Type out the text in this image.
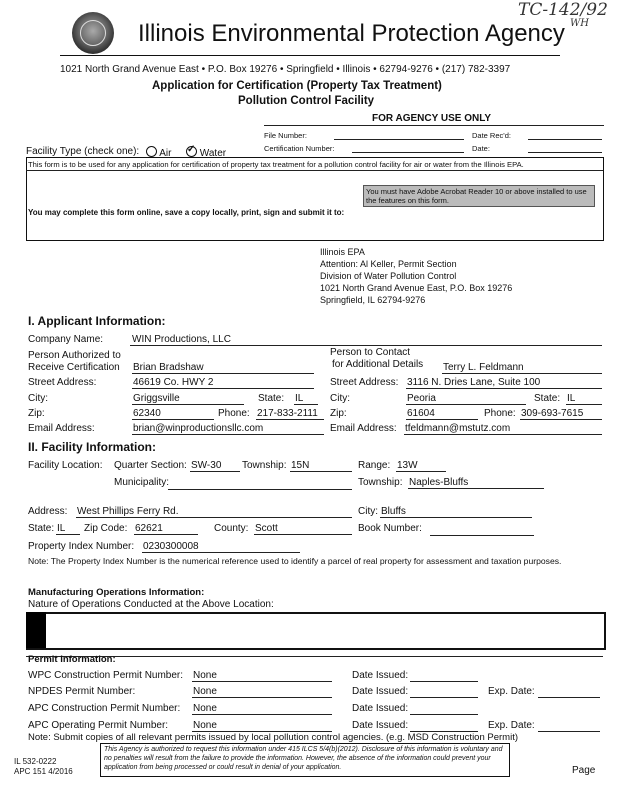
TC-142/92
WH
Illinois Environmental Protection Agency
1021 North Grand Avenue East • P.O. Box 19276 • Springfield • Illinois • 62794-9276 • (217) 782-3397
Application for Certification (Property Tax Treatment)
Pollution Control Facility
FOR AGENCY USE ONLY
File Number:	Date Rec'd:
Certification Number:	Date:
Facility Type (check one):	Air
✓	Water
This form is to be used for any application for certification of property tax treatment for a pollution control facility for air or water from the Illinois EPA.
You must have Adobe Acrobat Reader 10 or above installed to use the features on this form.
You may complete this form online, save a copy locally, print, sign and submit it to:
Illinois EPA
Attention: Al Keller, Permit Section
Division of Water Pollution Control
1021 North Grand Avenue East, P.O. Box 19276
Springfield, IL 62794-9276
I. Applicant Information:
Company Name:	WIN Productions, LLC
Person Authorized to
Receive Certification Brian Bradshaw
Person to Contact
for Additional Details Terry L. Feldmann
Street Address:	46619 Co. HWY 2	Street Address: 3116 N. Dries Lane, Suite 100
City:	Griggsville	State: IL	City:	Peoria	State: IL
Zip:	62340	Phone: 217-833-2111	Zip:	61604	Phone: 309-693-7615
Email Address:	brian@winproductionsllc.com	Email Address: tfeldmann@mstutz.com
II. Facility Information:
Facility Location: Quarter Section: SW-30	Township: 15N	Range: 13W
Municipality:	Township: Naples-Bluffs
Address: West Phillips Ferry Rd.	City: Bluffs
State: IL	Zip Code: 62621	County: Scott	Book Number:
Property Index Number: 0230300008
Note: The Property Index Number is the numerical reference used to identify a parcel of real property for assessment and taxation purposes.
Manufacturing Operations Information:
Nature of Operations Conducted at the Above Location:
Permit Information:
WPC Construction Permit Number: None	Date Issued:
NPDES Permit Number:	None	Date Issued:	Exp. Date:
APC Construction Permit Number: None	Date Issued:
APC Operating Permit Number: None	Date Issued:	Exp. Date:
Note: Submit copies of all relevant permits issued by local pollution control agencies. (e.g. MSD Construction Permit)
This Agency is authorized to request this information under 415 ILCS 5/4(b)(2012). Disclosure of this information is voluntary and no penalties will result from the failure to provide the information. However, the absence of the information could prevent your application from being processed or could result in denial of your application.
IL 532-0222
APC 151 4/2016	Page
